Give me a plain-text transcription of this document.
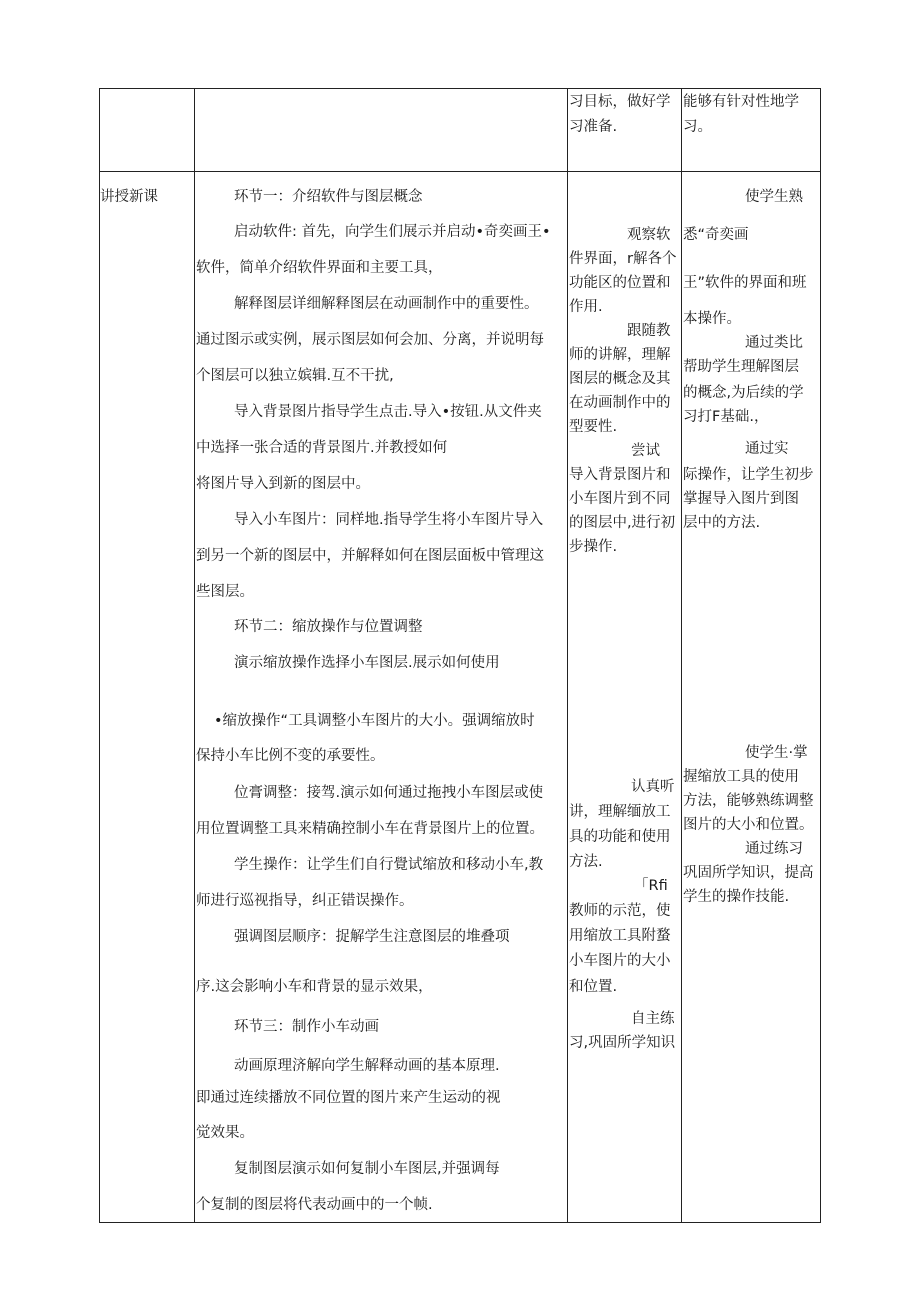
习目标，做好学
习准备.
能够有针对性地学
习。
讲授新课	环节一：介绍软件与图层概念
启动软件: 首先，向学生们展示并启动•奇奕画王•
软件，简单介绍软件界面和主要工具，
解释图层详细解释图层在动画制作中的重要性。
通过图示或实例，展示图层如何会加、分离，并说明每
个图层可以独立嫔辑.互不干扰,
导入背景图片指导学生点击.导入•按钮.从文件夹
中选择一张合适的背景图片.并教授如何
将图片导入到新的图层中。
导入小车图片：同样地.指导学生将小车图片导入
到另一个新的图层中，并解释如何在图层面板中管理这
些图层。
环节二：缩放操作与位置调整
演示缩放操作选择小车图层.展示如何使用
•缩放操作“工具调整小车图片的大小。强调缩放时
保持小车比例不变的承要性。
位膏调整：接驾.演示如何通过拖拽小车图层或使
用位置调整工具来精确控制小车在背景图片上的位置。
学生操作：让学生们自行覺试缩放和移动小车,教
师进行巡视指导，纠正错误操作。
强调图层顺序：捉解学生注意图层的堆叠项
序.这会影响小车和背景的显示效果，
环节三：制作小车动画
动画原理济解向学生解释动画的基本原理.
即通过连续播放不同位置的图片来产生运动的视
觉效果。
复制图层演示如何复制小车图层,并强调每
个复制的图层将代表动画中的一个帧.
观察软
件界面，r解各个
功能区的位置和
作用.
跟随教
师的讲解，理解
图层的概念及其
在动画制作中的
型要性.
尝试
导入背景图片和
小车图片到不同
的图层中,进行初
步操作.
认真听
讲，理解缅放工
具的功能和使用
方法.
「Rfi
教师的示范，使
用缩放工具附蝥
小车图片的大小
和位置.
自主练
习,巩固所学知识
使学生熟
悉“奇奕画
王”软件的界面和班
本操作。
通过类比
帮助学生理解图层
的概念,为后续的学
习打F基础.，
通过实
际操作，让学生初步
掌握导入图片到图
层中的方法.
使学生·掌
握缩放工具的使用
方法，能够熟练调整
图片的大小和位置。
通过练习
巩固所学知识，提高
学生的操作技能.
